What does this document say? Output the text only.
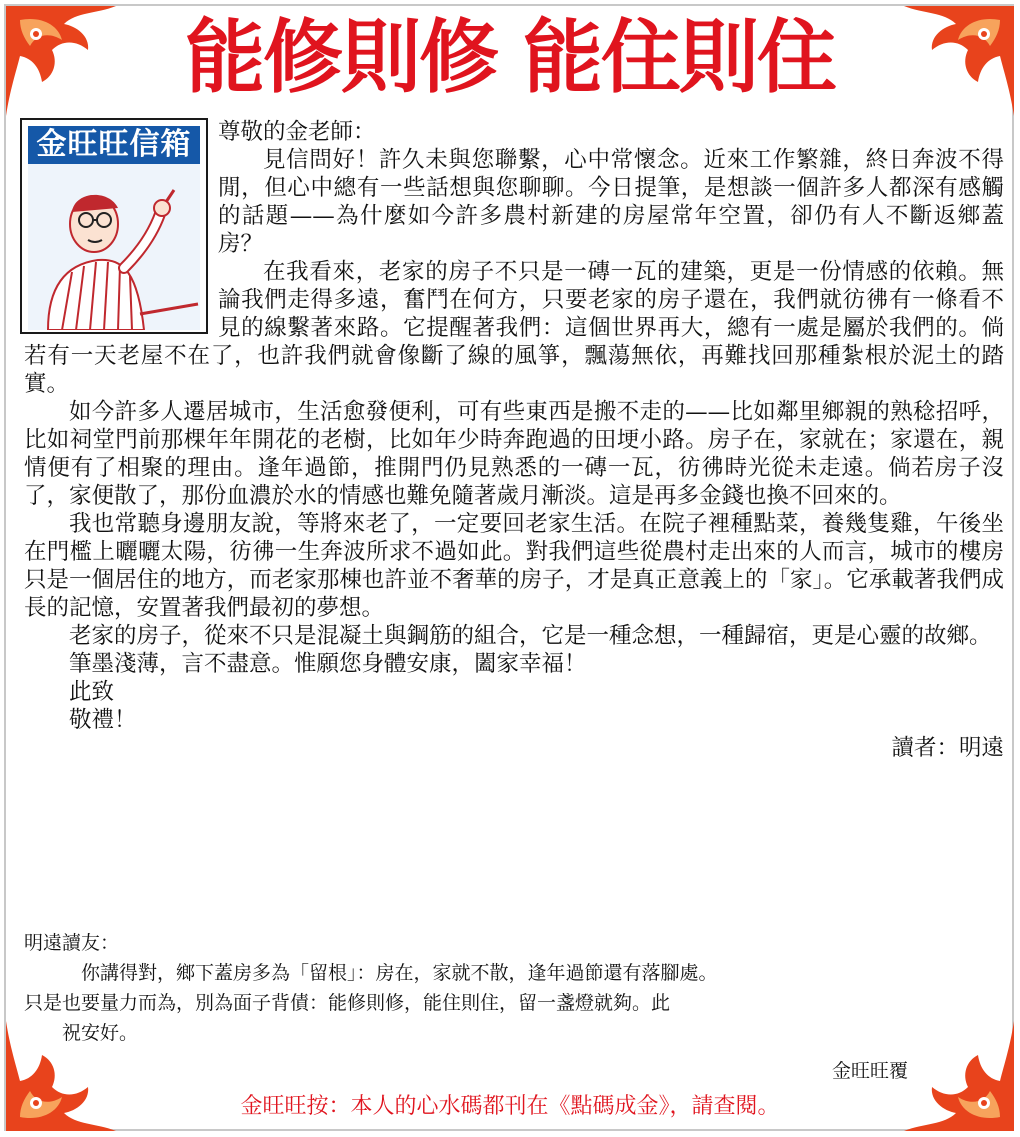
能修則修 能住則住
金旺旺信箱	尊敬的金老師：

見信問好！許久未與您聯繫，心中常懷念。近來工作繁雜，終日奔波不得閒，但心中總有一些話想與您聊聊。今日提筆，是想談一個許多人都深有感觸的話題——為什麼如今許多農村新建的房屋常年空置，卻仍有人不斷返鄉蓋房？

在我看來，老家的房子不只是一磚一瓦的建築，更是一份情感的依賴。無論我們走得多遠，奮鬥在何方，只要老家的房子還在，我們就彷彿有一條看不見的線繫著來路。它提醒著我們：這個世界再大，總有一處是屬於我們的。倘若有一天老屋不在了，也許我們就會像斷了線的風箏，飄蕩無依，再難找回那種紮根於泥土的踏實。

如今許多人遷居城市，生活愈發便利，可有些東西是搬不走的——比如鄰里鄉親的熟稔招呼，比如祠堂門前那棵年年開花的老樹，比如年少時奔跑過的田埂小路。房子在，家就在；家還在，親情便有了相聚的理由。逢年過節，推開門仍見熟悉的一磚一瓦，彷彿時光從未走遠。倘若房子沒了，家便散了，那份血濃於水的情感也難免隨著歲月漸淡。這是再多金錢也換不回來的。

我也常聽身邊朋友說，等將來老了，一定要回老家生活。在院子裡種點菜，養幾隻雞，午後坐在門檻上曬曬太陽，彷彿一生奔波所求不過如此。對我們這些從農村走出來的人而言，城市的樓房只是一個居住的地方，而老家那棟也許並不奢華的房子，才是真正意義上的「家」。它承載著我們成長的記憶，安置著我們最初的夢想。

老家的房子，從來不只是混凝土與鋼筋的組合，它是一種念想，一種歸宿，更是心靈的故鄉。

筆墨淺薄，言不盡意。惟願您身體安康，闔家幸福！

此致

敬禮！

讀者：明遠

明遠讀友：

你講得對，鄉下蓋房多為「留根」：房在，家就不散，逢年過節還有落腳處。

只是也要量力而為，別為面子背債：能修則修，能住則住，留一盞燈就夠。此

祝安好。

金旺旺覆
金旺旺按：本人的心水碼都刊在《點碼成金》，請查閱。
